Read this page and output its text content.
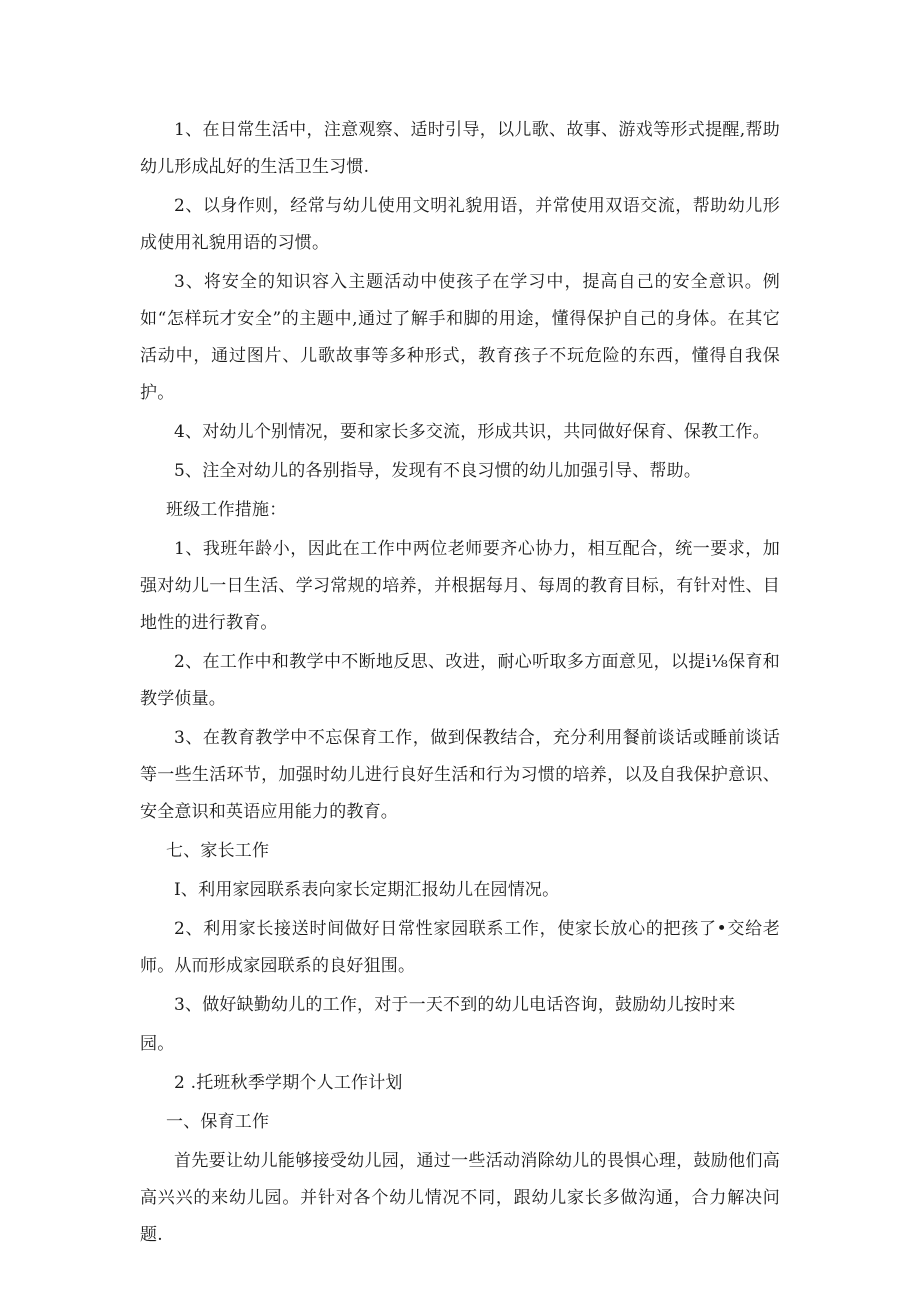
1、在日常生活中，注意观察、适时引导，以儿歌、故事、游戏等形式提醒,帮助幼儿形成乩好的生活卫生习惯.

2、以身作则，经常与幼儿使用文明礼貌用语，并常使用双语交流，帮助幼儿形成使用礼貌用语的习惯。

3、将安全的知识容入主题活动中使孩子在学习中，提高自己的安全意识。例如“怎样玩才安全”的主题中,通过了解手和脚的用途，懂得保护自己的身体。在其它活动中，通过图片、儿歌故事等多种形式，教育孩子不玩危险的东西，懂得自我保护。

4、对幼儿个别情况，要和家长多交流，形成共识，共同做好保育、保教工作。

5、注全对幼儿的各别指导，发现有不良习惯的幼儿加强引导、帮助。

班级工作措施：

1、我班年龄小，因此在工作中两位老师要齐心协力，相互配合，统一要求，加强对幼儿一日生活、学习常规的培养，并根据每月、每周的教育目标，有针对性、目地性的进行教育。

2、在工作中和教学中不断地反思、改进，耐心听取多方面意见，以提i⅛保育和教学侦量。

3、在教育教学中不忘保育工作，做到保教结合，充分利用餐前谈话或睡前谈话等一些生活环节，加强时幼儿进行良好生活和行为习惯的培养，以及自我保护意识、安全意识和英语应用能力的教育。

七、家长工作

I、利用家园联系表向家长定期汇报幼儿在园情况。

2、利用家长接送时间做好日常性家园联系工作，使家长放心的把孩了•交给老师。从而形成家园联系的良好狙围。

3、做好缺勤幼儿的工作，对于一天不到的幼儿电话咨询，鼓励幼儿按时来

园。

2 .托班秋季学期个人工作计划

一、保育工作

首先要让幼儿能够接受幼儿园，通过一些活动消除幼儿的畏惧心理，鼓励他们高高兴兴的来幼儿园。并针对各个幼儿情况不同，跟幼儿家长多做沟通，合力解决问题.
